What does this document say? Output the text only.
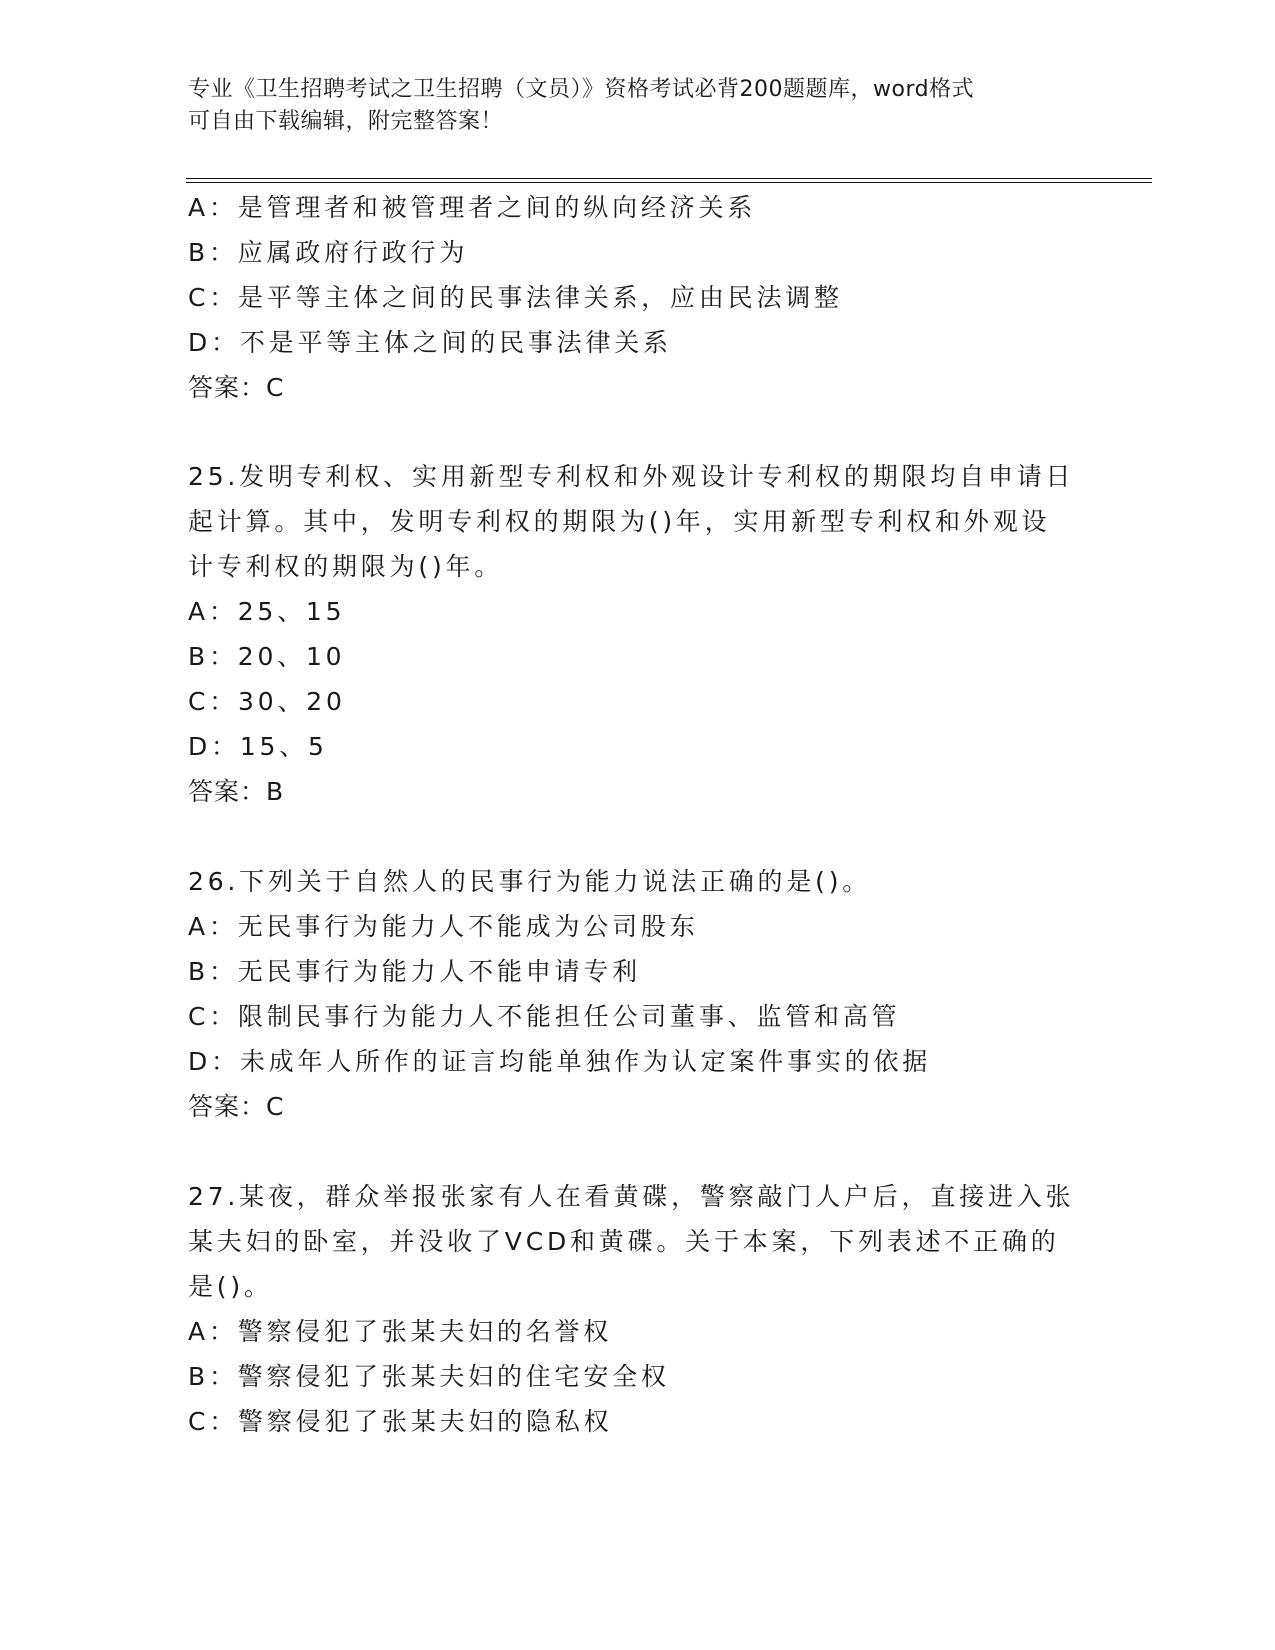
专业《卫生招聘考试之卫生招聘（文员）》资格考试必背200题题库，word格式
可自由下载编辑，附完整答案！
A：是管理者和被管理者之间的纵向经济关系
B：应属政府行政行为
C：是平等主体之间的民事法律关系，应由民法调整
D：不是平等主体之间的民事法律关系
答案：C
25.发明专利权、实用新型专利权和外观设计专利权的期限均自申请日
起计算。其中，发明专利权的期限为()年，实用新型专利权和外观设
计专利权的期限为()年。
A：25、15
B：20、10
C：30、20
D：15、5
答案：B
26.下列关于自然人的民事行为能力说法正确的是()。
A：无民事行为能力人不能成为公司股东
B：无民事行为能力人不能申请专利
C：限制民事行为能力人不能担任公司董事、监管和高管
D：未成年人所作的证言均能单独作为认定案件事实的依据
答案：C
27.某夜，群众举报张家有人在看黄碟，警察敲门人户后，直接进入张
某夫妇的卧室，并没收了VCD和黄碟。关于本案，下列表述不正确的
是()。
A：警察侵犯了张某夫妇的名誉权
B：警察侵犯了张某夫妇的住宅安全权
C：警察侵犯了张某夫妇的隐私权
